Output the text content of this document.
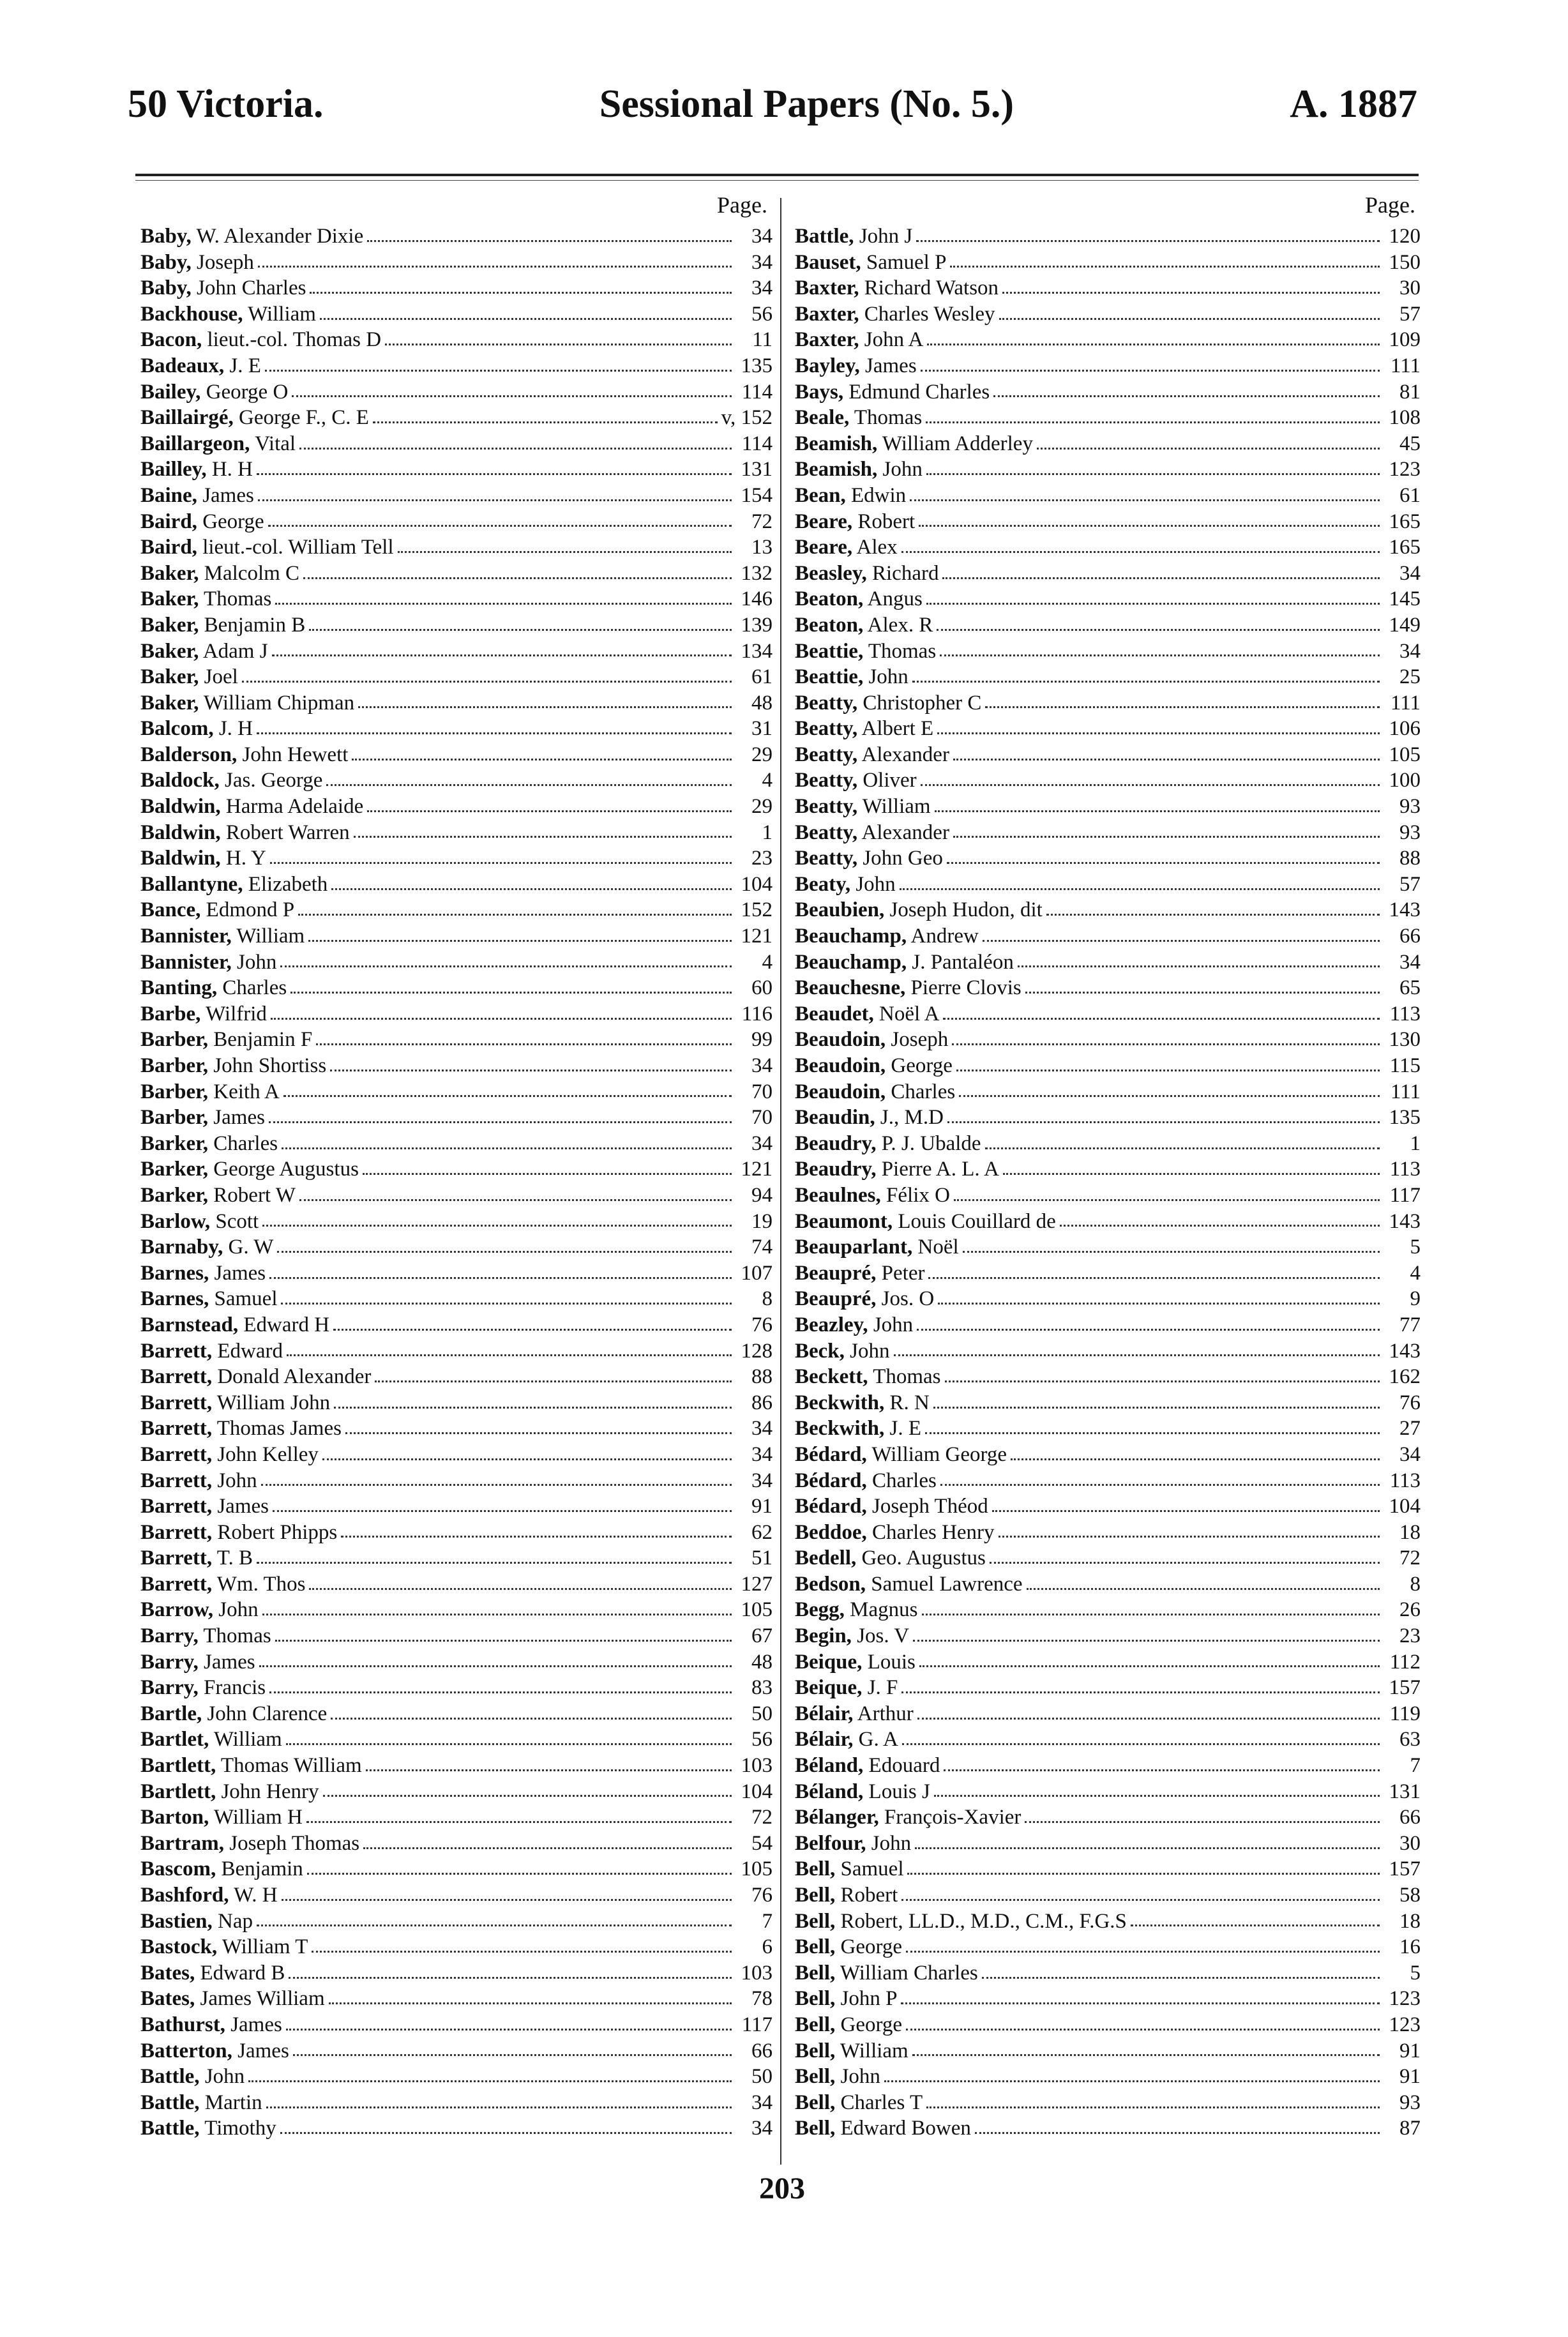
50 Victoria.	Sessional Papers (No. 5.)	A. 1887
Page.
Baby, W. Alexander Dixie	34
Baby, Joseph	34
Baby, John Charles	34
Backhouse, William	56
Bacon, lieut.-col. Thomas D	11
Badeaux, J. E	135
Bailey, George O	114
Baillairgé, George F., C. E	v, 152
Baillargeon, Vital	114
Bailley, H. H	131
Baine, James	154
Baird, George	72
Baird, lieut.-col. William Tell	13
Baker, Malcolm C	132
Baker, Thomas	146
Baker, Benjamin B	139
Baker, Adam J	134
Baker, Joel	61
Baker, William Chipman	48
Balcom, J. H	31
Balderson, John Hewett	29
Baldock, Jas. George	4
Baldwin, Harma Adelaide	29
Baldwin, Robert Warren	1
Baldwin, H. Y	23
Ballantyne, Elizabeth	104
Bance, Edmond P	152
Bannister, William	121
Bannister, John	4
Banting, Charles	60
Barbe, Wilfrid	116
Barber, Benjamin F	99
Barber, John Shortiss	34
Barber, Keith A	70
Barber, James	70
Barker, Charles	34
Barker, George Augustus	121
Barker, Robert W	94
Barlow, Scott	19
Barnaby, G. W	74
Barnes, James	107
Barnes, Samuel	8
Barnstead, Edward H	76
Barrett, Edward	128
Barrett, Donald Alexander	88
Barrett, William John	86
Barrett, Thomas James	34
Barrett, John Kelley	34
Barrett, John	34
Barrett, James	91
Barrett, Robert Phipps	62
Barrett, T. B	51
Barrett, Wm. Thos	127
Barrow, John	105
Barry, Thomas	67
Barry, James	48
Barry, Francis	83
Bartle, John Clarence	50
Bartlet, William	56
Bartlett, Thomas William	103
Bartlett, John Henry	104
Barton, William H	72
Bartram, Joseph Thomas	54
Bascom, Benjamin	105
Bashford, W. H	76
Bastien, Nap	7
Bastock, William T	6
Bates, Edward B	103
Bates, James William	78
Bathurst, James	117
Batterton, James	66
Battle, John	50
Battle, Martin	34
Battle, Timothy	34
Page.
Battle, John J	120
Bauset, Samuel P	150
Baxter, Richard Watson	30
Baxter, Charles Wesley	57
Baxter, John A	109
Bayley, James	111
Bays, Edmund Charles	81
Beale, Thomas	108
Beamish, William Adderley	45
Beamish, John	123
Bean, Edwin	61
Beare, Robert	165
Beare, Alex	165
Beasley, Richard	34
Beaton, Angus	145
Beaton, Alex. R	149
Beattie, Thomas	34
Beattie, John	25
Beatty, Christopher C	111
Beatty, Albert E	106
Beatty, Alexander	105
Beatty, Oliver	100
Beatty, William	93
Beatty, Alexander	93
Beatty, John Geo	88
Beaty, John	57
Beaubien, Joseph Hudon, dit	143
Beauchamp, Andrew	66
Beauchamp, J. Pantaléon	34
Beauchesne, Pierre Clovis	65
Beaudet, Noël A	113
Beaudoin, Joseph	130
Beaudoin, George	115
Beaudoin, Charles	111
Beaudin, J., M.D	135
Beaudry, P. J. Ubalde	1
Beaudry, Pierre A. L. A	113
Beaulnes, Félix O	117
Beaumont, Louis Couillard de	143
Beauparlant, Noël	5
Beaupré, Peter	4
Beaupré, Jos. O	9
Beazley, John	77
Beck, John	143
Beckett, Thomas	162
Beckwith, R. N	76
Beckwith, J. E	27
Bédard, William George	34
Bédard, Charles	113
Bédard, Joseph Théod	104
Beddoe, Charles Henry	18
Bedell, Geo. Augustus	72
Bedson, Samuel Lawrence	8
Begg, Magnus	26
Begin, Jos. V	23
Beique, Louis	112
Beique, J. F	157
Bélair, Arthur	119
Bélair, G. A	63
Béland, Edouard	7
Béland, Louis J	131
Bélanger, François-Xavier	66
Belfour, John	30
Bell, Samuel	157
Bell, Robert	58
Bell, Robert, LL.D., M.D., C.M., F.G.S	18
Bell, George	16
Bell, William Charles	5
Bell, John P	123
Bell, George	123
Bell, William	91
Bell, John	91
Bell, Charles T	93
Bell, Edward Bowen	87
203
